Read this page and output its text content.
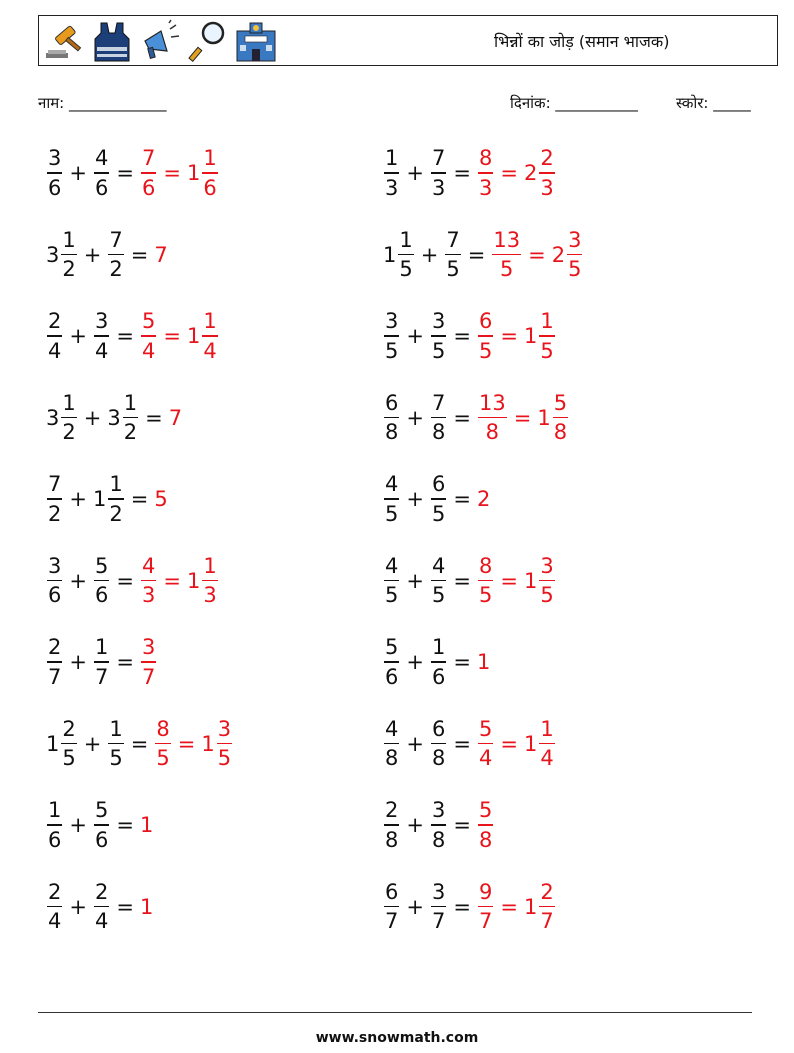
भिन्नों का जोड़ (समान भाजक)
नाम: _____________	दिनांक: ___________	स्कोर: _____
$\frac{3}{6} + \frac{4}{6} = \frac{7}{6} = 1 \frac{1}{6}$	$\frac{1}{3} + \frac{7}{3} = \frac{8}{3} = 2 \frac{2}{3}$
$3 \frac{1}{2} + \frac{7}{2} = 7$	$1 \frac{1}{5} + \frac{7}{5} = \frac{13}{5} = 2 \frac{3}{5}$
$\frac{2}{4} + \frac{3}{4} = \frac{5}{4} = 1 \frac{1}{4}$	$\frac{3}{5} + \frac{3}{5} = \frac{6}{5} = 1 \frac{1}{5}$
$3 \frac{1}{2} + 3 \frac{1}{2} = 7$	$\frac{6}{8} + \frac{7}{8} = \frac{13}{8} = 1 \frac{5}{8}$
$\frac{7}{2} + 1 \frac{1}{2} = 5$	$\frac{4}{5} + \frac{6}{5} = 2$
$\frac{3}{6} + \frac{5}{6} = \frac{4}{3} = 1 \frac{1}{3}$	$\frac{4}{5} + \frac{4}{5} = \frac{8}{5} = 1 \frac{3}{5}$
$\frac{2}{7} + \frac{1}{7} = \frac{3}{7}$	$\frac{5}{6} + \frac{1}{6} = 1$
$1 \frac{2}{5} + \frac{1}{5} = \frac{8}{5} = 1 \frac{3}{5}$	$\frac{4}{8} + \frac{6}{8} = \frac{5}{4} = 1 \frac{1}{4}$
$\frac{1}{6} + \frac{5}{6} = 1$	$\frac{2}{8} + \frac{3}{8} = \frac{5}{8}$
$\frac{2}{4} + \frac{2}{4} = 1$	$\frac{6}{7} + \frac{3}{7} = \frac{9}{7} = 1 \frac{2}{7}$
www.snowmath.com
